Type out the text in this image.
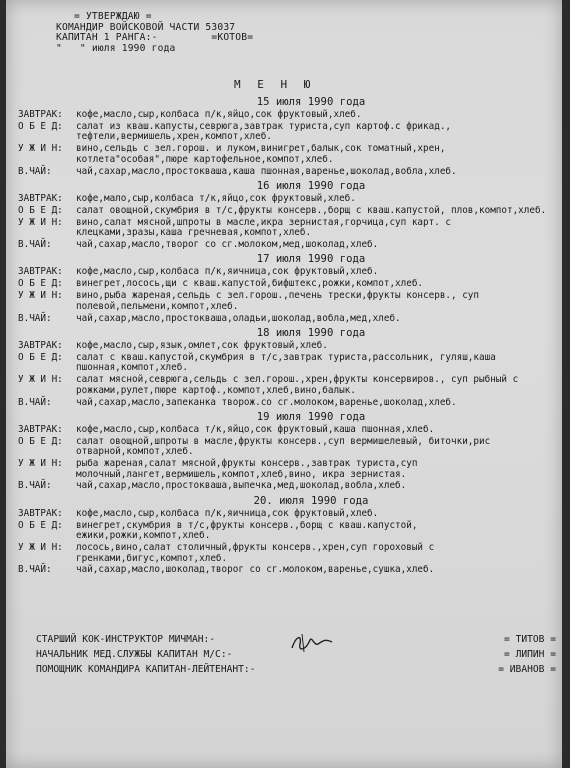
= УТВЕРЖДАЮ =
КОМАНДИР ВОЙСКОВОЙ ЧАСТИ 53037
КАПИТАН 1 РАНГА:-         =КОТОВ=
"   " июля 1990 года
М Е Н Ю
15 июля 1990 года
ЗАВТРАК:	кофе,масло,сыр,колбаса п/к,яйцо,сок фруктовый,хлеб.
О Б Е Д:	салат из кваш.капусты,севрюга,завтрак туриста,суп картоф.с фрикад., тефтели,вермишель,хрен,компот,хлеб.
У Ж И Н:	вино,сельдь с зел.горош. и луком,винигрет,балык,сок томатный,хрен, котлета"особая",пюре картофельное,компот,хлеб.
В.ЧАЙ:	чай,сахар,масло,простокваша,каша пшонная,варенье,шоколад,вобла,хлеб.
16 июля 1990 года
ЗАВТРАК:	кофе,мало,сыр,колбаса т/к,яйцо,сок фруктовый,хлеб.
О Б Е Д:	салат овощной,скумбрия в т/с,фрукты консерв.,борщ с кваш.капустой, плов,компот,хлеб.
У Ж И Н:	вино,салат мясной,шпроты в масле,икра зернистая,горчица,суп карт. с клецками,зразы,каша гречневая,компот,хлеб.
В.ЧАЙ:	чай,сахар,масло,творог со сг.молоком,мед,шоколад,хлеб.
17 июля 1990 года
ЗАВТРАК:	кофе,масло,сыр,колбаса п/к,яичница,сок фруктовый,хлеб.
О Б Е Д:	винегрет,лосось,щи с кваш.капустой,бифштекс,рожки,компот,хлеб.
У Ж И Н:	вино,рыба жареная,сельдь с зел.горош.,печень трески,фрукты консерв., суп полевой,пельмени,компот,хлеб.
В.ЧАЙ:	чай,сахар,масло,простокваша,оладьи,шоколад,вобла,мед,хлеб.
18 июля 1990 года
ЗАВТРАК:	кофе,масло,сыр,язык,омлет,сок фруктовый,хлеб.
О Б Е Д:	салат с кваш.капустой,скумбрия в т/с,завтрак туриста,рассольник, гуляш,каша пшонная,компот,хлеб.
У Ж И Н:	салат мясной,севрюга,сельдь с зел.горош.,хрен,фрукты консервиров., суп рыбный с рожками,рулет,пюре картоф.,компот,хлеб,вино,балык.
В.ЧАЙ:	чай,сахар,масло,запеканка творож.со сг.молоком,варенье,шоколад,хлеб.
19 июля 1990 года
ЗАВТРАК:	кофе,масло,сыр,колбаса т/к,яйцо,сок фруктовый,каша пшонная,хлеб.
О Б Е Д:	салат овощной,шпроты в масле,фрукты консерв.,суп вермишелевый, биточки,рис отварной,компот,хлеб.
У Ж И Н:	рыба жареная,салат мясной,фрукты консерв.,завтрак туриста,суп молочный,лангет,вермишель,компот,хлеб,вино, икра зернистая.
В.ЧАЙ:	чай,сахар,масло,простокваша,выпечка,мед,шоколад,вобла,хлеб.
20. июля 1990 года
ЗАВТРАК:	кофе,масло,сыр,колбаса п/к,яичница,сок фруктовый,хлеб.
О Б Е Д:	винегрет,скумбрия в т/с,фрукты консерв.,борщ с кваш.капустой, ежики,рожки,компот,хлеб.
У Ж И Н:	лосось,вино,салат столичный,фрукты консерв.,хрен,суп гороховый с гренками,бигус,компот,хлеб.
В.ЧАЙ:	чай,сахар,масло,шоколад,творог со сг.молоком,варенье,сушка,хлеб.
СТАРШИЙ КОК-ИНСТРУКТОР МИЧМАН:-	= ТИТОВ =
НАЧАЛЬНИК МЕД.СЛУЖБЫ КАПИТАН М/С:-	= ЛИПИН =
ПОМОЩНИК КОМАНДИРА КАПИТАН-ЛЕЙТЕНАНТ:-	= ИВАНОВ =
